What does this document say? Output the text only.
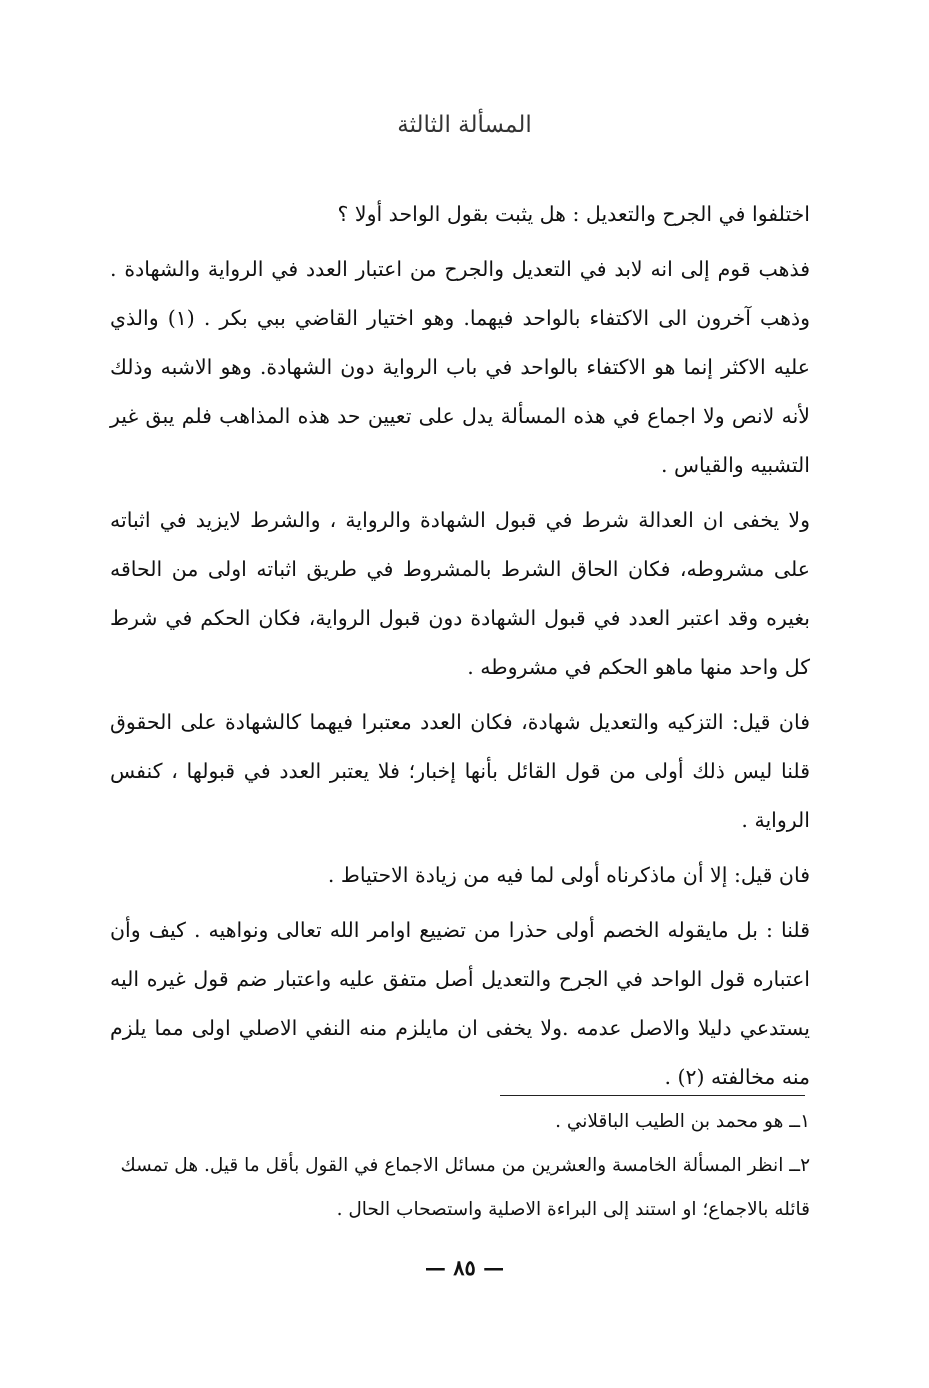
المسألة الثالثة

اختلفوا في الجرح والتعديل : هل يثبت بقول الواحد أولا ؟

فذهب قوم إلى انه لابد في التعديل والجرح من اعتبار العدد في الرواية والشهادة . وذهب آخرون الى الاكتفاء بالواحد فيهما. وهو اختيار القاضي ببي بكر . (١) والذي عليه الاكثر إنما هو الاكتفاء بالواحد في باب الرواية دون الشهادة. وهو الاشبه وذلك لأنه لانص ولا اجماع في هذه المسألة يدل على تعيين حد هذه المذاهب فلم يبق غير التشبيه والقياس .

ولا يخفى ان العدالة شرط في قبول الشهادة والرواية ، والشرط لايزيد في اثباته على مشروطه، فكان الحاق الشرط بالمشروط في طريق اثباته اولى من الحاقه بغيره وقد اعتبر العدد في قبول الشهادة دون قبول الرواية، فكان الحكم في شرط كل واحد منها ماهو الحكم في مشروطه .

فان قيل: التزكيه والتعديل شهادة، فكان العدد معتبرا فيهما كالشهادة على الحقوق قلنا ليس ذلك أولى من قول القائل بأنها إخبار؛ فلا يعتبر العدد في قبولها ، كنفس الرواية .

فان قيل: إلا أن ماذكرناه أولى لما فيه من زيادة الاحتياط .

قلنا : بل مايقوله الخصم أولى حذرا من تضييع اوامر الله تعالى ونواهيه . كيف وأن اعتباره قول الواحد في الجرح والتعديل أصل متفق عليه واعتبار ضم قول غيره اليه يستدعي دليلا والاصل عدمه .ولا يخفى ان مايلزم منه النفي الاصلي اولى مما يلزم منه مخالفته (٢) .

١ــ هو محمد بن الطيب الباقلاني .

٢ــ انظر المسألة الخامسة والعشرين من مسائل الاجماع في القول بأقل ما قيل. هل تمسك قائله بالاجماع؛ او استند إلى البراءة الاصلية واستصحاب الحال .

— ٨٥ —
